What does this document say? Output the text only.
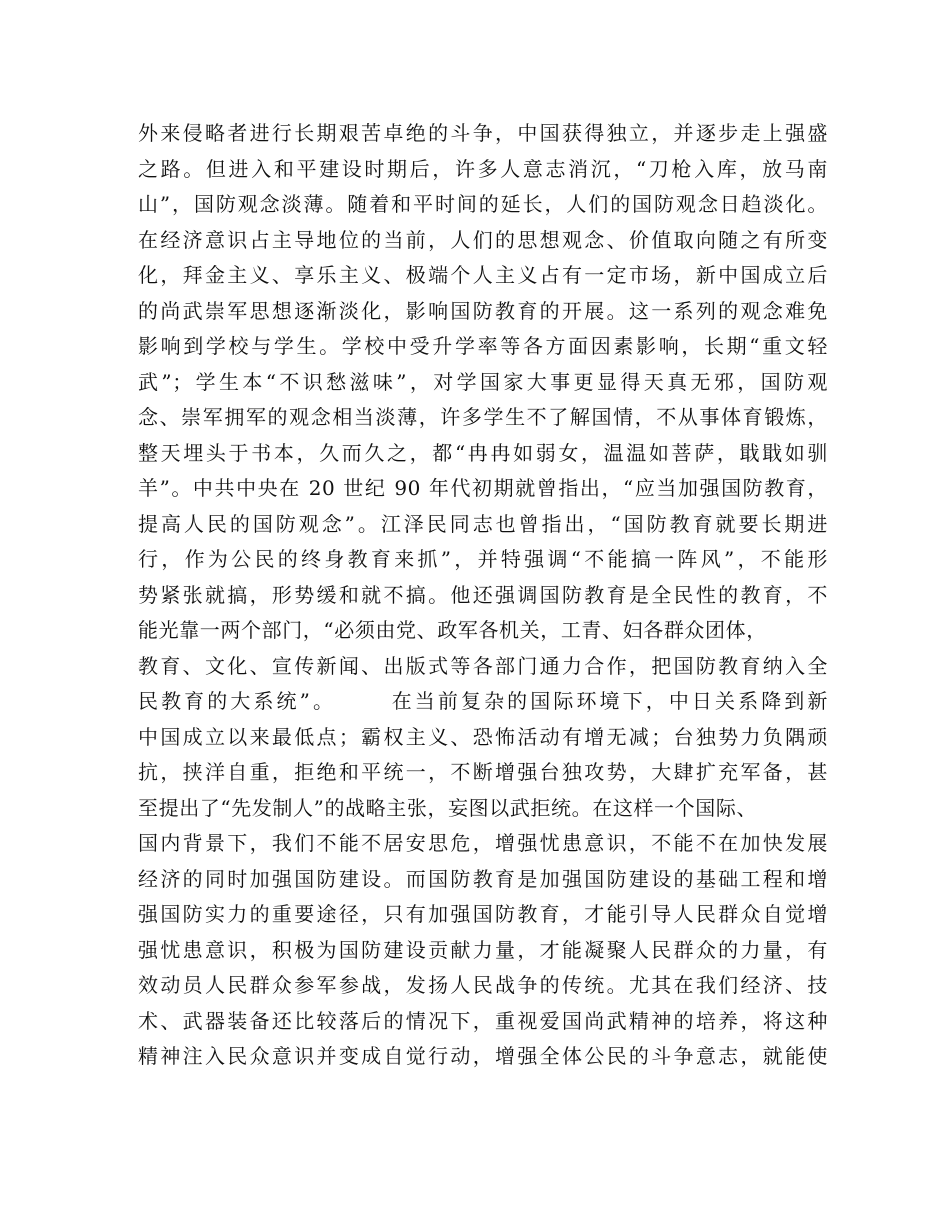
外来侵略者进行长期艰苦卓绝的斗争，中国获得独立，并逐步走上强盛
之路。但进入和平建设时期后，许多人意志消沉，“刀枪入库，放马南
山”，国防观念淡薄。随着和平时间的延长，人们的国防观念日趋淡化。
在经济意识占主导地位的当前，人们的思想观念、价值取向随之有所变
化，拜金主义、享乐主义、极端个人主义占有一定市场，新中国成立后
的尚武崇军思想逐渐淡化，影响国防教育的开展。这一系列的观念难免
影响到学校与学生。学校中受升学率等各方面因素影响，长期“重文轻
武”；学生本“不识愁滋味”，对学国家大事更显得天真无邪，国防观
念、崇军拥军的观念相当淡薄，许多学生不了解国情，不从事体育锻炼，
整天埋头于书本，久而久之，都“冉冉如弱女，温温如菩萨，戢戢如驯
羊”。中共中央在 20 世纪 90 年代初期就曾指出，“应当加强国防教育，
提高人民的国防观念”。江泽民同志也曾指出，“国防教育就要长期进
行，作为公民的终身教育来抓”，并特强调“不能搞一阵风”，不能形
势紧张就搞，形势缓和就不搞。他还强调国防教育是全民性的教育，不
能光靠一两个部门，“必须由党、政军各机关，工青、妇各群众团体，
教育、文化、宣传新闻、出版式等各部门通力合作，把国防教育纳入全
民教育的大系统”。 　　在当前复杂的国际环境下，中日关系降到新
中国成立以来最低点；霸权主义、恐怖活动有增无减；台独势力负隅顽
抗，挟洋自重，拒绝和平统一，不断增强台独攻势，大肆扩充军备，甚
至提出了“先发制人”的战略主张，妄图以武拒统。在这样一个国际、
国内背景下，我们不能不居安思危，增强忧患意识，不能不在加快发展
经济的同时加强国防建设。而国防教育是加强国防建设的基础工程和增
强国防实力的重要途径，只有加强国防教育，才能引导人民群众自觉增
强忧患意识，积极为国防建设贡献力量，才能凝聚人民群众的力量，有
效动员人民群众参军参战，发扬人民战争的传统。尤其在我们经济、技
术、武器装备还比较落后的情况下，重视爱国尚武精神的培养，将这种
精神注入民众意识并变成自觉行动，增强全体公民的斗争意志，就能使
